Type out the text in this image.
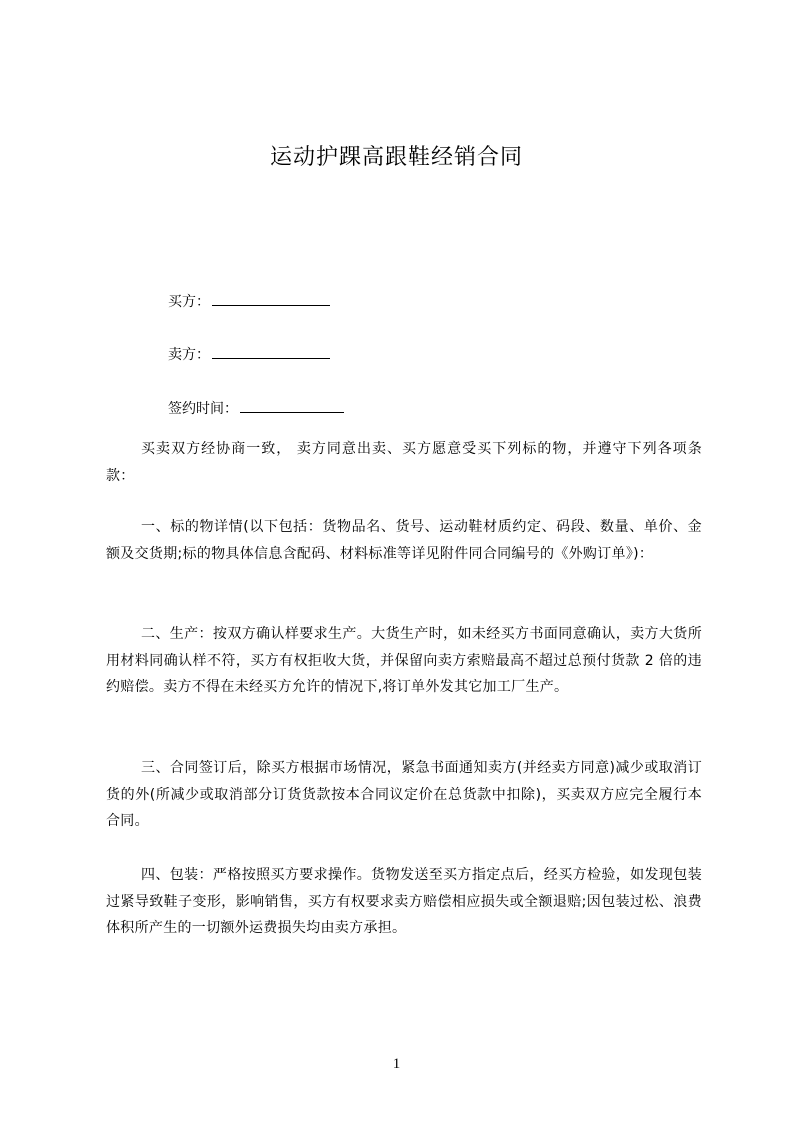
运动护踝高跟鞋经销合同
买方：
卖方：
签约时间：

买卖双方经协商一致， 卖方同意出卖、买方愿意受买下列标的物，并遵守下列各项条款：

一、标的物详情(以下包括：货物品名、货号、运动鞋材质约定、码段、数量、单价、金额及交货期;标的物具体信息含配码、材料标准等详见附件同合同编号的《外购订单》)：

二、生产：按双方确认样要求生产。大货生产时，如未经买方书面同意确认，卖方大货所用材料同确认样不符，买方有权拒收大货，并保留向卖方索赔最高不超过总预付货款 2 倍的违约赔偿。卖方不得在未经买方允许的情况下,将订单外发其它加工厂生产。

三、合同签订后，除买方根据市场情况，紧急书面通知卖方(并经卖方同意)减少或取消订货的外(所减少或取消部分订货货款按本合同议定价在总货款中扣除)，买卖双方应完全履行本合同。

四、包装：严格按照买方要求操作。货物发送至买方指定点后，经买方检验，如发现包装过紧导致鞋子变形，影响销售，买方有权要求卖方赔偿相应损失或全额退赔;因包装过松、浪费体积所产生的一切额外运费损失均由卖方承担。

1
